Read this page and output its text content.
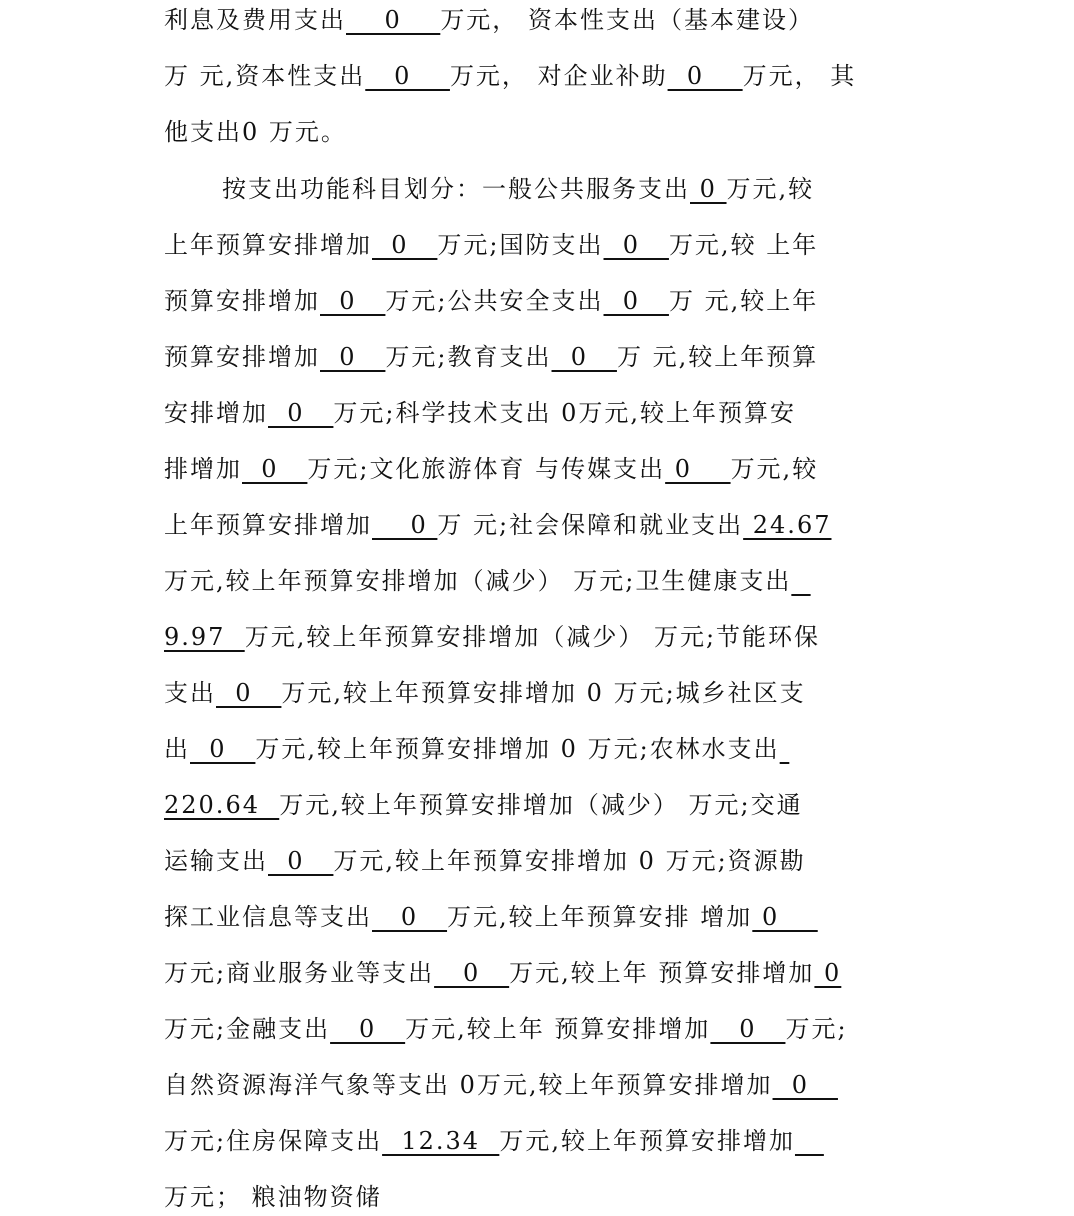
利息及费用支出    0    万元， 资本性支出（基本建设）
万 元,资本性支出   0    万元， 对企业补助  0    万元， 其
他支出0 万元。
按支出功能科目划分：一般公共服务支出 0 万元,较
上年预算安排增加  0   万元;国防支出  0   万元,较 上年
预算安排增加  0   万元;公共安全支出  0   万 元,较上年
预算安排增加  0   万元;教育支出  0   万 元,较上年预算
安排增加  0   万元;科学技术支出 0万元,较上年预算安
排增加  0   万元;文化旅游体育 与传媒支出 0    万元,较
上年预算安排增加    0 万 元;社会保障和就业支出 24.67
万元,较上年预算安排增加（减少） 万元;卫生健康支出
9.97  万元,较上年预算安排增加（减少） 万元;节能环保
支出  0   万元,较上年预算安排增加 0 万元;城乡社区支
出  0   万元,较上年预算安排增加 0 万元;农林水支出
220.64  万元,较上年预算安排增加（减少） 万元;交通
运输支出  0   万元,较上年预算安排增加 0 万元;资源勘
探工业信息等支出   0   万元,较上年预算安排 增加 0
万元;商业服务业等支出   0   万元,较上年 预算安排增加 0
万元;金融支出   0   万元,较上年 预算安排增加   0   万元;
自然资源海洋气象等支出 0万元,较上年预算安排增加  0
万元;住房保障支出  12.34  万元,较上年预算安排增加
万元； 粮油物资储
